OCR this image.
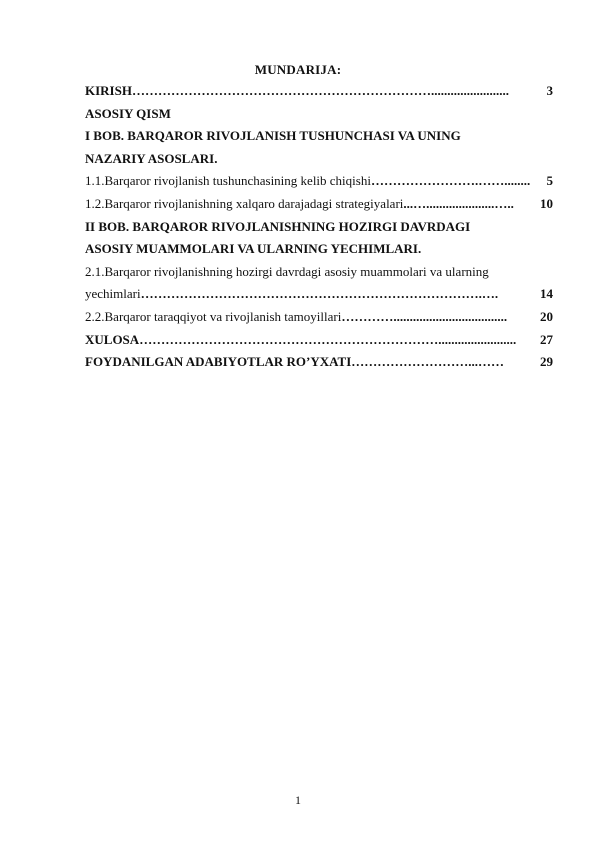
MUNDARIJA:
KIRISH ……………………………………………………………........................	3
ASOSIY QISM
I BOB. BARQAROR RIVOJLANISH TUSHUNCHASI VA UNING
NAZARIY ASOSLARI.
1.1.Barqaror rivojlanish tushunchasining kelib chiqishi …………………….……........	5
1.2.Barqaror rivojlanishning xalqaro darajadagi strategiyalari ...….....................…..	10
II BOB. BARQAROR RIVOJLANISHNING HOZIRGI DAVRDAGI
ASOSIY MUAMMOLARI VA ULARNING YECHIMLARI.
2.1.Barqaror rivojlanishning hozirgi davrdagi asosiy muammolari va ularning
yechimlari …………………………………………………………………….….	14
2.2.Barqaror taraqqiyot va rivojlanish tamoyillari …………...................................	20
XULOSA ……………………………………………………………........................	27
FOYDANILGAN ADABIYOTLAR RO’YXATI ………………………...……	29
1
